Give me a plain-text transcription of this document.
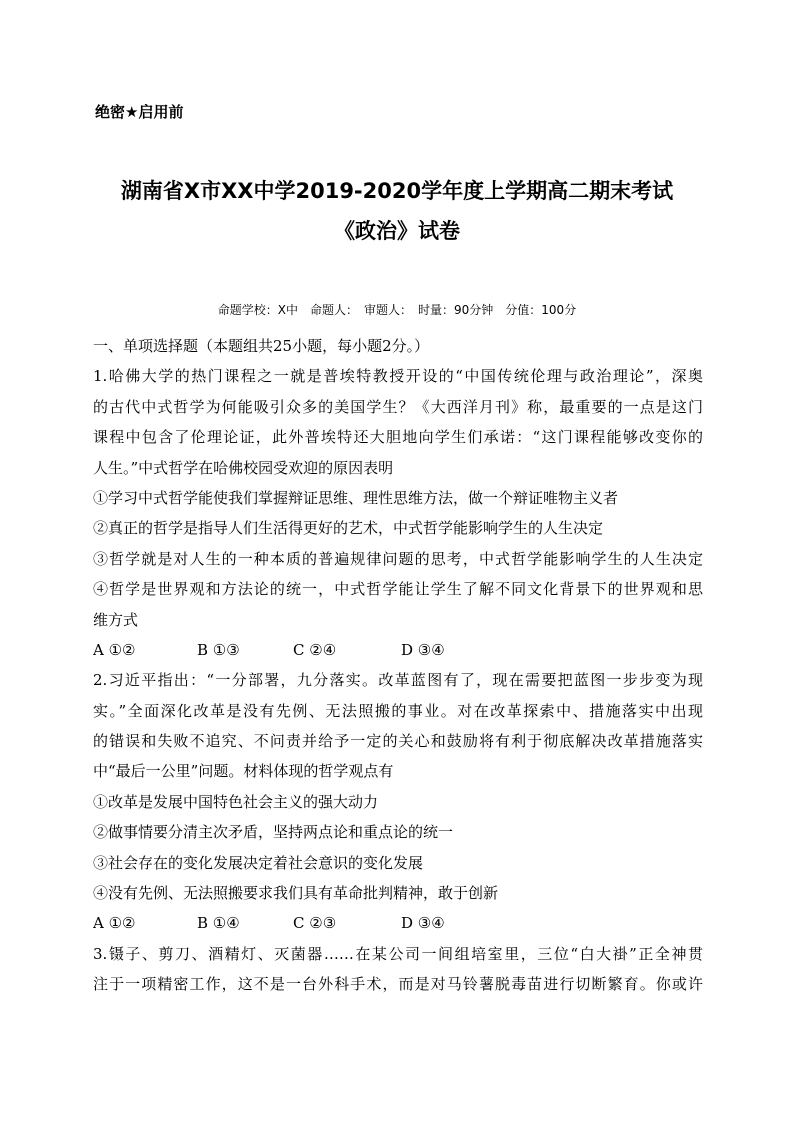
绝密★启用前
湖南省X市XX中学2019-2020学年度上学期高二期末考试
《政治》试卷
命题学校：X中　命题人：　审题人：　时量：90分钟　分值：100分
一、单项选择题（本题组共25小题，每小题2分。）
1.哈佛大学的热门课程之一就是普埃特教授开设的“中国传统伦理与政治理论”，深奥
的古代中式哲学为何能吸引众多的美国学生？《大西洋月刊》称，最重要的一点是这门
课程中包含了伦理论证，此外普埃特还大胆地向学生们承诺：“这门课程能够改变你的
人生。”中式哲学在哈佛校园受欢迎的原因表明
①学习中式哲学能使我们掌握辩证思维、理性思维方法，做一个辩证唯物主义者
②真正的哲学是指导人们生活得更好的艺术，中式哲学能影响学生的人生决定
③哲学就是对人生的一种本质的普遍规律问题的思考，中式哲学能影响学生的人生决定
④哲学是世界观和方法论的统一，中式哲学能让学生了解不同文化背景下的世界观和思
维方式
A ①②	B ①③	C ②④	D ③④
2.习近平指出：“一分部署，九分落实。改革蓝图有了，现在需要把蓝图一步步变为现
实。”全面深化改革是没有先例、无法照搬的事业。对在改革探索中、措施落实中出现
的错误和失败不追究、不问责并给予一定的关心和鼓励将有利于彻底解决改革措施落实
中“最后一公里”问题。材料体现的哲学观点有
①改革是发展中国特色社会主义的强大动力
②做事情要分清主次矛盾，坚持两点论和重点论的统一
③社会存在的变化发展决定着社会意识的变化发展
④没有先例、无法照搬要求我们具有革命批判精神，敢于创新
A ①②	B ①④	C ②③	D ③④
3.镊子、剪刀、酒精灯、灭菌器……在某公司一间组培室里，三位“白大褂”正全神贯
注于一项精密工作，这不是一台外科手术，而是对马铃薯脱毒苗进行切断繁育。你或许
